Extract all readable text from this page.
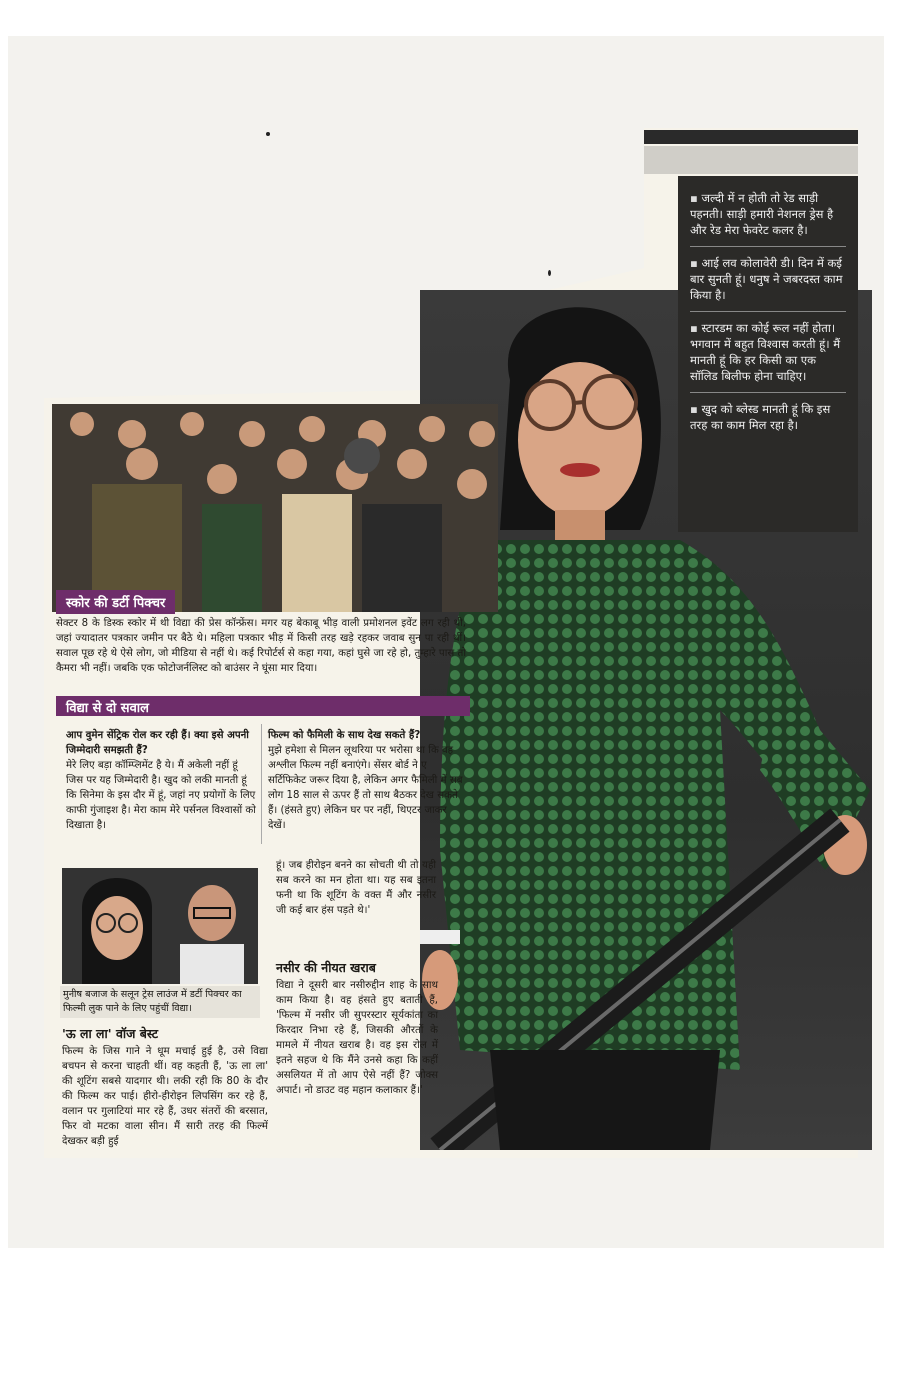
▪ जल्दी में न होती तो रेड साड़ी पहनती। साड़ी हमारी नेशनल ड्रेस है और रेड मेरा फेवरेट कलर है।
▪ आई लव कोलावेरी डी। दिन में कई बार सुनती हूं। धनुष ने जबरदस्त काम किया है।
▪ स्टारडम का कोई रूल नहीं होता। भगवान में बहुत विश्वास करती हूं। मैं मानती हूं कि हर किसी का एक सॉलिड बिलीफ होना चाहिए।
▪ खुद को ब्लेस्ड मानती हूं कि इस तरह का काम मिल रहा है।
स्कोर की डर्टी पिक्चर
सेक्टर 8 के डिस्क स्कोर में थी विद्या की प्रेस कॉन्फ्रेंस। मगर यह बेकाबू भीड़ वाली प्रमोशनल इवेंट लग रही थी, जहां ज्यादातर पत्रकार जमीन पर बैठे थे। महिला पत्रकार भीड़ में किसी तरह खड़े रहकर जवाब सुन पा रही थीं। सवाल पूछ रहे थे ऐसे लोग, जो मीडिया से नहीं थे। कई रिपोर्टर्स से कहा गया, कहां घुसे जा रहे हो, तुम्हारे पास तो कैमरा भी नहीं। जबकि एक फोटोजर्नलिस्ट को बाउंसर ने घूंसा मार दिया।
विद्या से दो सवाल
आप वुमेन सेंट्रिक रोल कर रही हैं। क्या इसे अपनी जिम्मेदारी समझती हैं?
मेरे लिए बड़ा कॉम्प्लिमेंट है ये। मैं अकेली नहीं हूं जिस पर यह जिम्मेदारी है। खुद को लकी मानती हूं कि सिनेमा के इस दौर में हूं, जहां नए प्रयोगों के लिए काफी गुंजाइश है। मेरा काम मेरे पर्सनल विश्वासों को दिखाता है।
फिल्म को फैमिली के साथ देख सकते हैं?
मुझे हमेशा से मिलन लूथरिया पर भरोसा था कि वह अश्लील फिल्म नहीं बनाएंगे। सेंसर बोर्ड ने ए सर्टिफिकेट जरूर दिया है, लेकिन अगर फैमिली में सब लोग 18 साल से ऊपर हैं तो साथ बैठकर देख सकते हैं। (हंसते हुए) लेकिन घर पर नहीं, थिएटर जाकर देखें।
मुनीष बजाज के सलून ट्रेस लाउंज में डर्टी पिक्चर का फिल्मी लुक पाने के लिए पहुंचीं विद्या।
हूं। जब हीरोइन बनने का सोचती थी तो यही सब करने का मन होता था। यह सब इतना फनी था कि शूटिंग के वक्त मैं और नसीर जी कई बार हंस पड़ते थे।'
नसीर की नीयत खराब
विद्या ने दूसरी बार नसीरुद्दीन शाह के साथ काम किया है। वह हंसते हुए बताती हैं, 'फिल्म में नसीर जी सुपरस्टार सूर्यकांता का किरदार निभा रहे हैं, जिसकी औरतों के मामले में नीयत खराब है। वह इस रोल में इतने सहज थे कि मैंने उनसे कहा कि कहीं असलियत में तो आप ऐसे नहीं हैं? जोक्स अपार्ट। नो डाउट वह महान कलाकार हैं।'
'ऊ ला ला' वॉज बेस्ट
फिल्म के जिस गाने ने धूम मचाई हुई है, उसे विद्या बचपन से करना चाहती थीं। वह कहती हैं, 'ऊ ला ला' की शूटिंग सबसे यादगार थी। लकी रही कि 80 के दौर की फिल्म कर पाई। हीरो-हीरोइन लिपसिंग कर रहे हैं, वलान पर गुलाटियां मार रहे हैं, उधर संतरों की बरसात, फिर वो मटका वाला सीन। मैं सारी तरह की फिल्में देखकर बड़ी हुई
